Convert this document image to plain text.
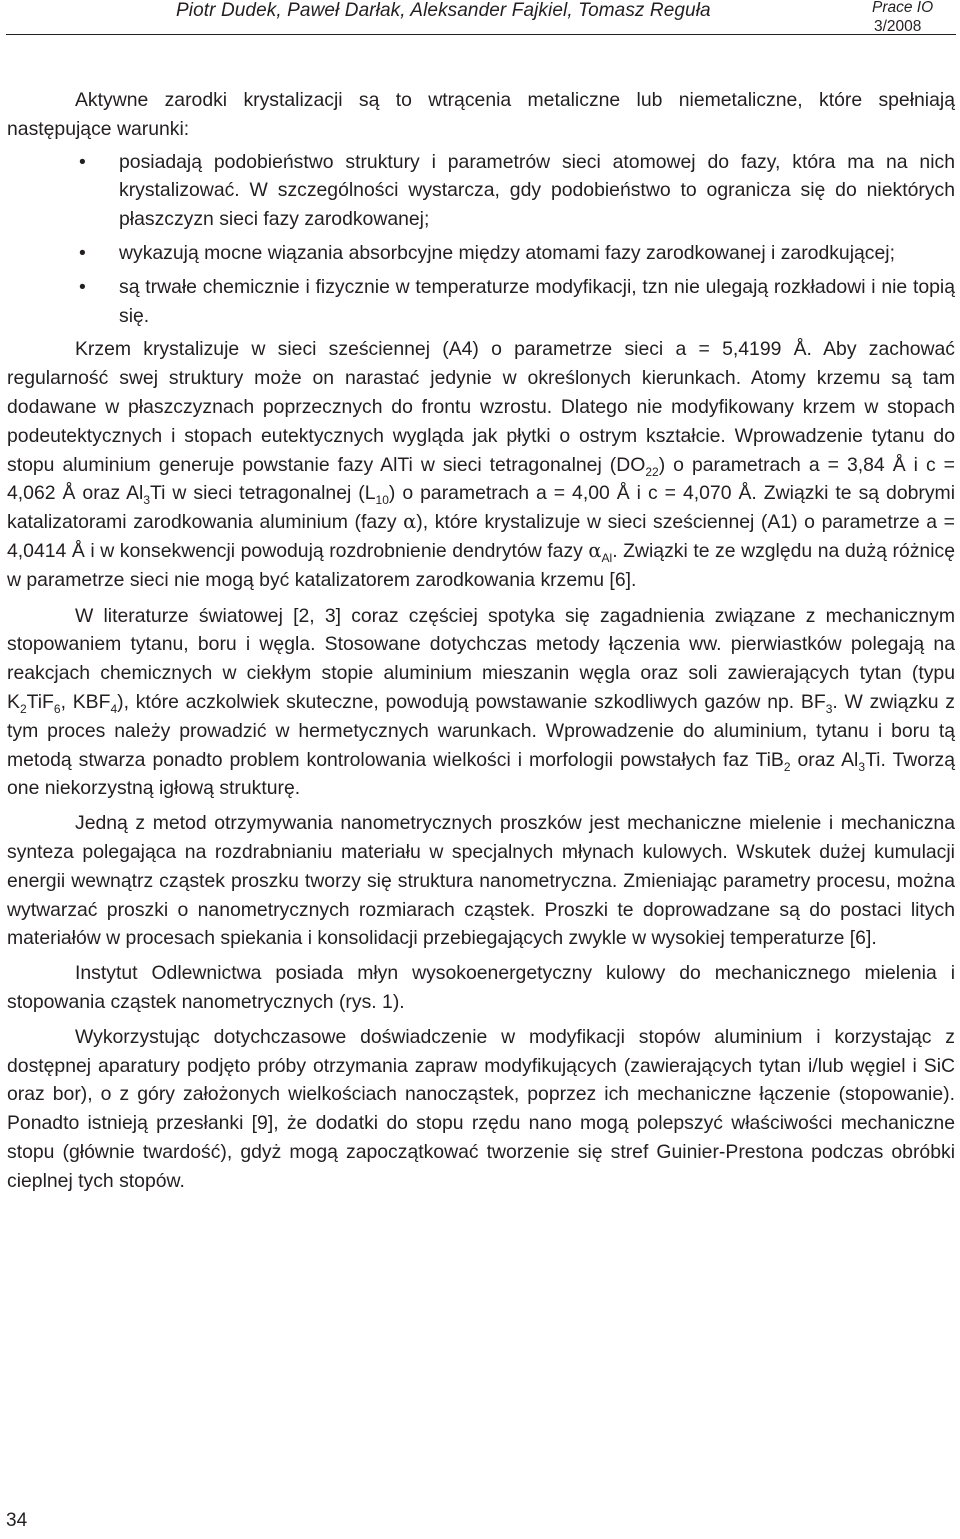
Piotr Dudek, Paweł Darłak, Aleksander Fajkiel, Tomasz Reguła	Prace IO
3/2008

Aktywne zarodki krystalizacji są to wtrącenia metaliczne lub niemetaliczne, które spełniają następujące warunki:

• posiadają podobieństwo struktury i parametrów sieci atomowej do fazy, która ma na nich krystalizować. W szczególności wystarcza, gdy podobieństwo to ogranicza się do niektórych płaszczyzn sieci fazy zarodkowanej;
• wykazują mocne wiązania absorbcyjne między atomami fazy zarodkowanej i zarodkującej;
• są trwałe chemicznie i fizycznie w temperaturze modyfikacji, tzn nie ulegają rozkładowi i nie topią się.

Krzem krystalizuje w sieci sześciennej (A4) o parametrze sieci a = 5,4199 Å. Aby zachować regularność swej struktury może on narastać jedynie w określonych kierunkach. Atomy krzemu są tam dodawane w płaszczyznach poprzecznych do frontu wzrostu. Dlatego nie modyfikowany krzem w stopach podeutektycznych i stopach eutektycznych wygląda jak płytki o ostrym kształcie. Wprowadzenie tytanu do stopu aluminium generuje powstanie fazy AlTi w sieci tetragonalnej $(DO_{22})$ o parametrach a = 3,84 Å i c = 4,062 Å oraz $Al_3Ti$ w sieci tetragonalnej $(L_{10})$ o parametrach a = 4,00 Å i c = 4,070 Å. Związki te są dobrymi katalizatorami zarodkowania aluminium (fazy α), które krystalizuje w sieci sześciennej (A1) o parametrze a = 4,0414 Å i w konsekwencji powodują rozdrobnienie dendrytów fazy $\alpha_{Al}$. Związki te ze względu na dużą różnicę w parametrze sieci nie mogą być katalizatorem zarodkowania krzemu [6].

W literaturze światowej [2, 3] coraz częściej spotyka się zagadnienia związane z mechanicznym stopowaniem tytanu, boru i węgla. Stosowane dotychczas metody łączenia ww. pierwiastków polegają na reakcjach chemicznych w ciekłym stopie aluminium mieszanin węgla oraz soli zawierających tytan (typu $K_2TiF_6$, $KBF_4$), które aczkolwiek skuteczne, powodują powstawanie szkodliwych gazów np. $BF_3$. W związku z tym proces należy prowadzić w hermetycznych warunkach. Wprowadzenie do aluminium, tytanu i boru tą metodą stwarza ponadto problem kontrolowania wielkości i morfologii powstałych faz TiB$_2$ oraz $Al_3Ti$. Tworzą one niekorzystną igłową strukturę.

Jedną z metod otrzymywania nanometrycznych proszków jest mechaniczne mielenie i mechaniczna synteza polegająca na rozdrabnianiu materiału w specjalnych młynach kulowych. Wskutek dużej kumulacji energii wewnątrz cząstek proszku tworzy się struktura nanometryczna. Zmieniając parametry procesu, można wytwarzać proszki o nanometrycznych rozmiarach cząstek. Proszki te doprowadzane są do postaci litych materiałów w procesach spiekania i konsolidacji przebiegających zwykle w wysokiej temperaturze [6].

Instytut Odlewnictwa posiada młyn wysokoenergetyczny kulowy do mechanicznego mielenia i stopowania cząstek nanometrycznych (rys. 1).

Wykorzystując dotychczasowe doświadczenie w modyfikacji stopów aluminium i korzystając z dostępnej aparatury podjęto próby otrzymania zapraw modyfikujących (zawierających tytan i/lub węgiel i SiC oraz bor), o z góry założonych wielkościach nanocząstek, poprzez ich mechaniczne łączenie (stopowanie). Ponadto istnieją przesłanki [9], że dodatki do stopu rzędu nano mogą polepszyć właściwości mechaniczne stopu (głównie twardość), gdyż mogą zapoczątkować tworzenie się stref Guinier-Prestona podczas obróbki cieplnej tych stopów.

34
